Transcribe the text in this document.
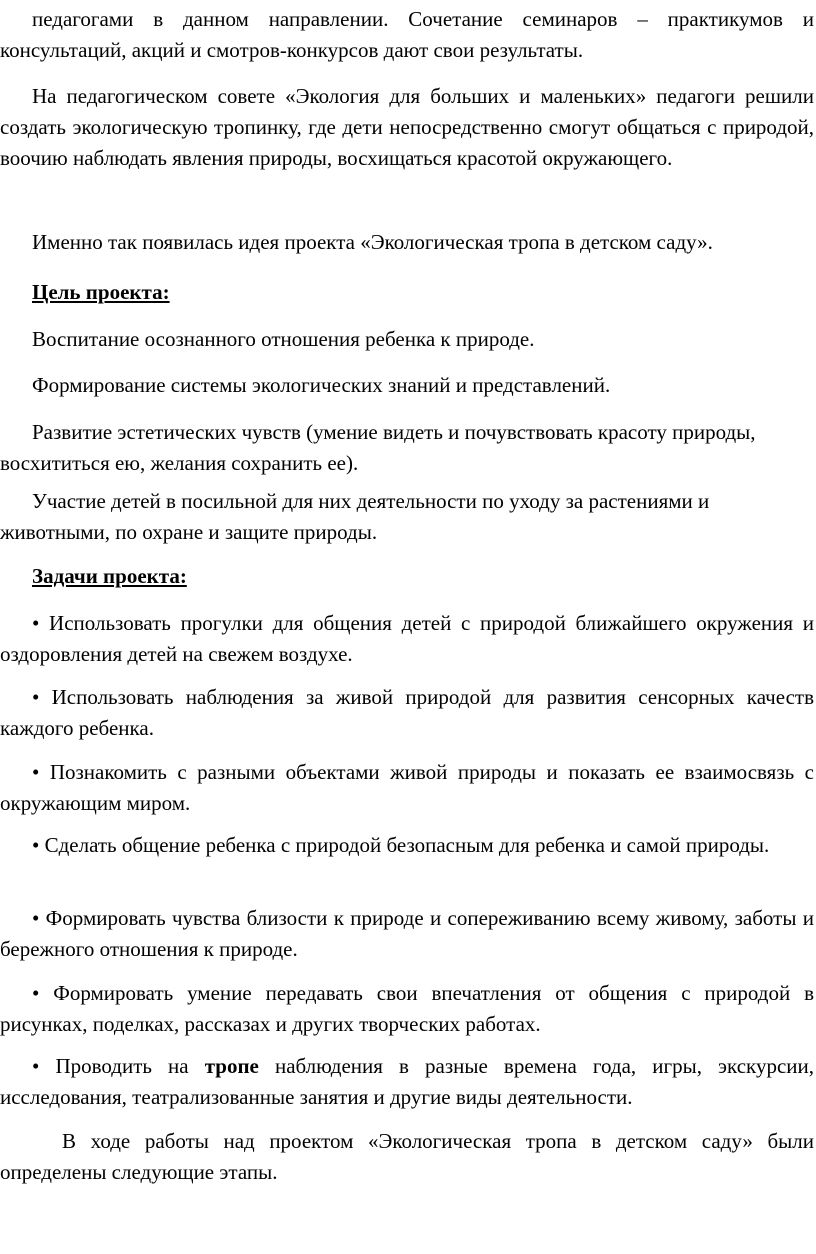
педагогами в данном направлении. Сочетание семинаров – практикумов и консультаций, акций и смотров-конкурсов дают свои результаты.

На педагогическом совете «Экология для больших и маленьких» педагоги решили создать экологическую тропинку, где дети непосредственно смогут общаться с природой, воочию наблюдать явления природы, восхищаться красотой окружающего.

Именно так появилась идея проекта «Экологическая тропа в детском саду».

Цель проекта:

Воспитание осознанного отношения ребенка к природе.

Формирование системы экологических знаний и представлений.

Развитие эстетических чувств (умение видеть и почувствовать красоту природы, восхититься ею, желания сохранить ее).

Участие детей в посильной для них деятельности по уходу за растениями и животными, по охране и защите природы.

Задачи проекта:

• Использовать прогулки для общения детей с природой ближайшего окружения и оздоровления детей на свежем воздухе.

• Использовать наблюдения за живой природой для развития сенсорных качеств каждого ребенка.

• Познакомить с разными объектами живой природы и показать ее взаимосвязь с окружающим миром.

• Сделать общение ребенка с природой безопасным для ребенка и самой природы.

• Формировать чувства близости к природе и сопереживанию всему живому, заботы и бережного отношения к природе.

• Формировать умение передавать свои впечатления от общения с природой в рисунках, поделках, рассказах и других творческих работах.

• Проводить на тропе наблюдения в разные времена года, игры, экскурсии, исследования, театрализованные занятия и другие виды деятельности.

В ходе работы над проектом «Экологическая тропа в детском саду» были определены следующие этапы.
